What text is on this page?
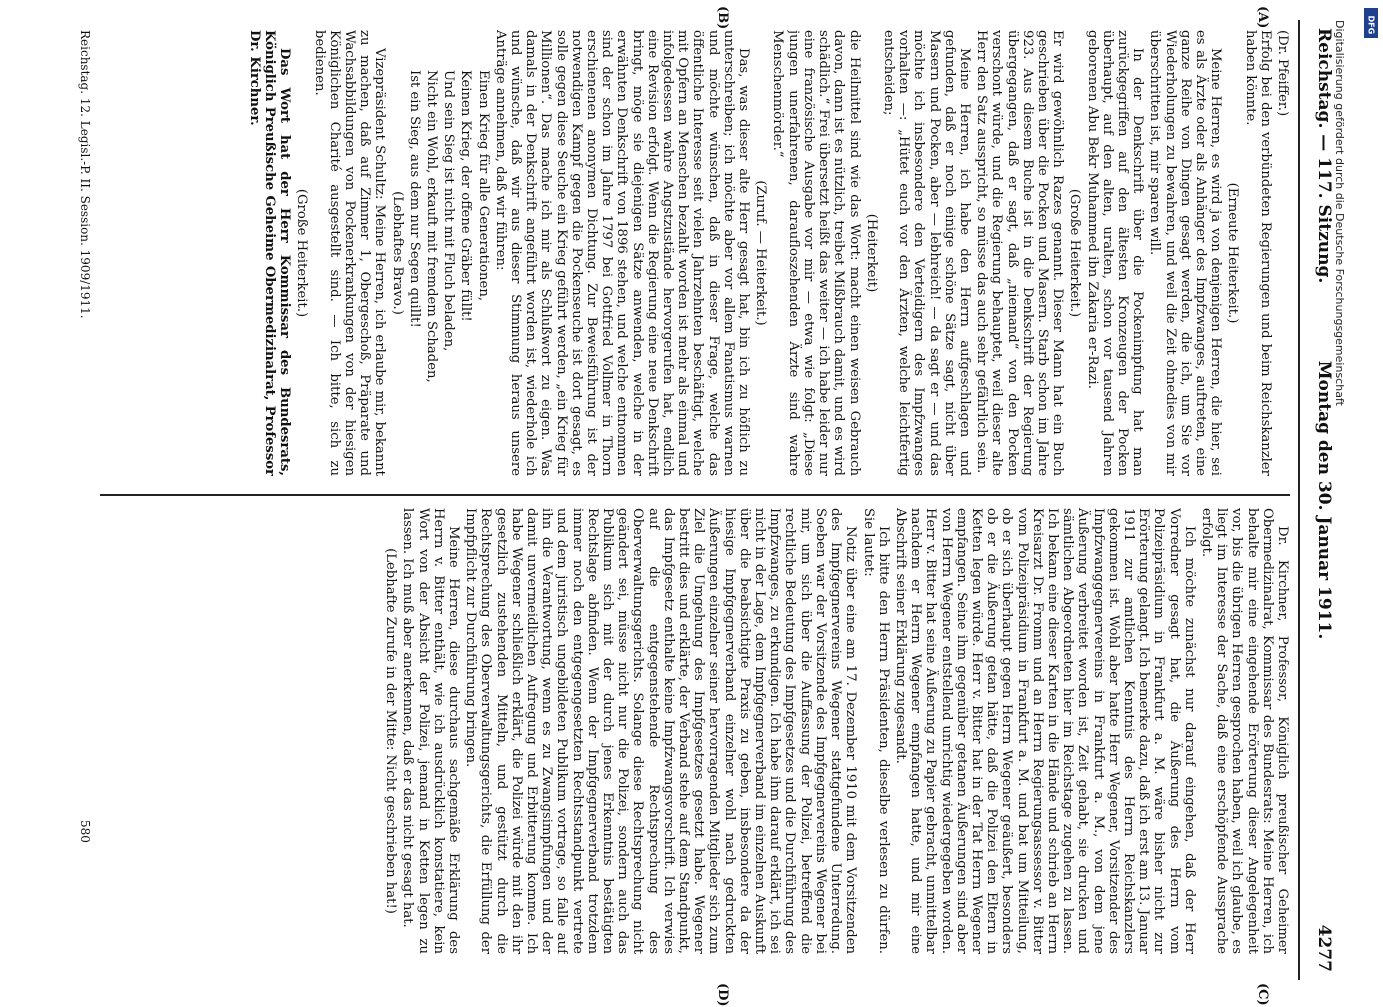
Reichstag. — 117. Sitzung.
Montag den 30. Januar 1911.
4277
(A)
(B)
(C)
(D)

(Dr. Pfeiffer.)

Erfolg bei den verbündeten Regierungen und beim Reichskanzler haben könnte.

(Erneute Heiterkeit.)

Meine Herren, es wird ja von denjenigen Herren, die hier, sei es als Ärzte oder als Anhänger des Impfzwanges, auftreten, eine ganze Reihe von Dingen gesagt werden, die ich, um Sie vor Wiederholungen zu bewahren, und weil die Zeit ohnedies von mir überschritten ist, mir sparen will.

In der Denkschrift über die Pockenimpfung hat man zurückgegriffen auf den ältesten Kronzeugen der Pocken überhaupt, auf den alten, uralten, schon vor tausend Jahren geborenen Abu Bekr Muhammed ibn Zakaria er-Razi.

(Große Heiterkeit.)

Er wird gewöhnlich Razes genannt. Dieser Mann hat ein Buch geschrieben über die Pocken und Masern. Starb schon im Jahre 923. Aus diesem Buche ist in die Denkschrift der Regierung übergegangen, daß er sagt, daß „niemand“ von den Pocken verschont würde, und die Regierung behauptet, weil dieser alte Herr den Satz ausspricht, so müsse das auch sehr gefährlich sein.

Meine Herren, ich habe den Herrn aufgeschlagen und gefunden, daß er noch einige schöne Sätze sagt, nicht über Masern und Pocken, aber — lebhreich! — da sagt er — und das möchte ich insbesondere den Verteidigern des Impfzwanges vorhalten —: „Hütet euch vor den Ärzten, welche leichtfertig entscheiden;

(Heiterkeit)

die Heilmittel sind wie das Wort: macht einen weisen Gebrauch davon, dann ist es nützlich, treibet Mißbrauch damit, und es wird schädlich.“ Frei übersetzt heißt das weiter — ich habe leider nur eine französische Ausgabe vor mir — etwa wie folgt: „Diese jungen unerfahrenen, daraufloszehenden Ärzte sind wahre Menschenmörder.“

(Zuruf. — Heiterkeit.)

Das, was dieser alte Herr gesagt hat, bin ich zu höflich zu unterschreiben; ich möchte aber vor allem Fanatismus warnen und möchte wünschen, daß in dieser Frage, welche das öffentliche Interesse seit vielen Jahrzehnten beschäftigt, welche mit Opfern an Menschen bezahlt worden ist mehr als einmal und infolgedessen wahre Angstzustände hervorgerufen hat, endlich eine Revision erfolgt. Wenn die Regierung eine neue Denkschrift bringt, möge sie diejenigen Sätze anwenden, welche in der erwähnten Denkschrift von 1896 stehen, und welche entnommen sind der schon im Jahre 1797 bei Gottfried Vollmer in Thorn erschienenen anonymen Dichtung. Zur Beweisführung ist der notwendigen Kampf gegen die Pockenseuche ist dort gesagt, es solle gegen diese Seuche ein Krieg geführt werden, „ein Krieg für Millionen“. Das mache ich mir als Schlußwort zu eigen. Was damals in der Denkschrift angeführt worden ist, wiederhole ich und wünsche, daß wir aus dieser Stimmung heraus unsere Anträge annehmen, daß wir führen:

Einen Krieg für alle Generationen,

Keinen Krieg, der offene Gräber füllt!

Und sein Sieg ist nicht mit Fluch beladen,

Nicht ein Wohl, erkauft mit fremdem Schaden,

Ist ein Sieg, aus dem nur Segen quillt!

(Lebhaftes Bravo.)

Vizepräsident Schultz: Meine Herren, ich erlaube mir, bekannt zu machen, daß auf Zimmer 1, Obergeschoß, Präparate und Wachsabbildungen von Pockenerkrankungen von der hiesigen Königlichen Charité ausgestellt sind. — Ich bitte, sich zu bedienen.

(Große Heiterkeit.)

Das Wort hat der Herr Kommissar des Bundesrats, Königlich Preußische Geheime Obermedizinalrat, Professor Dr. Kirchner.

Dr. Kirchner, Professor, Königlich preußischer Geheimer Obermedizinalrat, Kommissar des Bundesrats: Meine Herren, ich behalte mir eine eingehende Erörterung dieser Angelegenheit vor, bis die übrigen Herren gesprochen haben, weil ich glaube, es liegt im Interesse der Sache, daß eine erschöpfende Aussprache erfolgt.

Ich möchte zunächst nur darauf eingehen, daß der Herr Vorredner gesagt hat, die Äußerung des Herrn vom Polizeipräsidium in Frankfurt a. M. wäre bisher nicht zur Erörterung gelangt. Ich bemerke dazu, daß ich erst am 13. Januar 1911 zur amtlichen Kenntnis des Herrn Reichskanzlers gekommen ist. Wohl aber hatte Herr Wegener, Vorsitzender des Impfzwanggegnervereins in Frankfurt a. M., von dem jene Äußerung verbreitet worden ist, Zeit gehabt, sie drucken und sämtlichen Abgeordneten hier im Reichstage zugehen zu lassen. Ich bekam eine dieser Karten in die Hände und schrieb an Herrn Kreisarzt Dr. Fromm und an Herrn Regierungsassessor v. Bitter vom Polizeipräsidium in Frankfurt a. M. und bat um Mitteilung, ob er sich überhaupt gegen Herrn Wegener geäußert, besonders ob er die Äußerung getan hätte, daß die Polizei den Eltern in Ketten legen würde. Herr v. Bitter hat in der Tat Herrn Wegener empfangen. Seine ihm gegenüber getanen Äußerungen sind aber von Herrn Wegener entstellend unrichtig wiedergegeben worden. Herr v. Bitter hat seine Äußerung zu Papier gebracht, unmittelbar nachdem er Herrn Wegener empfangen hatte, und mir eine Abschrift seiner Erklärung zugesandt.

Ich bitte den Herrn Präsidenten, dieselbe verlesen zu dürfen. Sie lautet:

Notiz über eine am 17. Dezember 1910 mit dem Vorsitzenden des Impfgegnervereins Wegener stattgefundene Unterredung. Soeben war der Vorsitzende des Impfgegnervereins Wegener bei mir, um sich über die Auffassung der Polizei, betreffend die rechtliche Bedeutung des Impfgesetzes und die Durchführung des Impfzwanges, zu erkundigen. Ich habe ihm darauf erklärt, ich sei nicht in der Lage, dem Impfgegnerverband im einzelnen Auskunft über die beabsichtigte Praxis zu geben, insbesondere da der hiesige Impfgegnerverband einzelner wohl nach gedruckten Äußerungen einzelner seiner hervorragenden Mitglieder sich zum Ziel die Umgehung des Impfgesetzes gesetzt habe. Wegener bestritt dies und erklärte, der Verband stehe auf dem Standpunkt, das Impfgesetz enthalte keine Impfzwangsvorschrift. Ich verwies auf die entgegenstehende Rechtsprechung des Oberverwaltungsgerichts. Solange diese Rechtsprechung nicht geändert sei, müsse nicht nur die Polizei, sondern auch das Publikum sich mit der durch jenes Erkenntnis bestätigten Rechtslage abfinden. Wenn der Impfgegnerverband trotzdem immer noch den entgegengesetzten Rechtsstandpunkt vertrete und dem juristisch ungebildeten Publikum vortrage, so falle auf ihn die Verantwortung, wenn es zu Zwangsimpfungen und der damit unvermeidlichen Aufregung und Erbitterung komme. Ich habe Wegener schließlich erklärt, die Polizei würde mit den ihr gesetzlich zustehenden Mitteln, und gestützt durch die Rechtsprechung des Oberverwaltungsgerichts, die Erfüllung der Impfpflicht zur Durchführung bringen.

Meine Herren, diese durchaus sachgemäße Erklärung des Herrn v. Bitter enthält, wie ich ausdrücklich konstatiere, kein Wort von der Absicht der Polizei, jemand in Ketten legen zu lassen. Ich muß aber anerkennen, daß er das nicht gesagt hat.

(Lebhafte Zurufe in der Mitte: Nicht geschrieben hat!)

Reichstag. 12. Legisl.-P. II. Session. 1909/1911.
580
Digitalisierung gefördert durch die Deutsche Forschungsgemeinschaft	DFG
